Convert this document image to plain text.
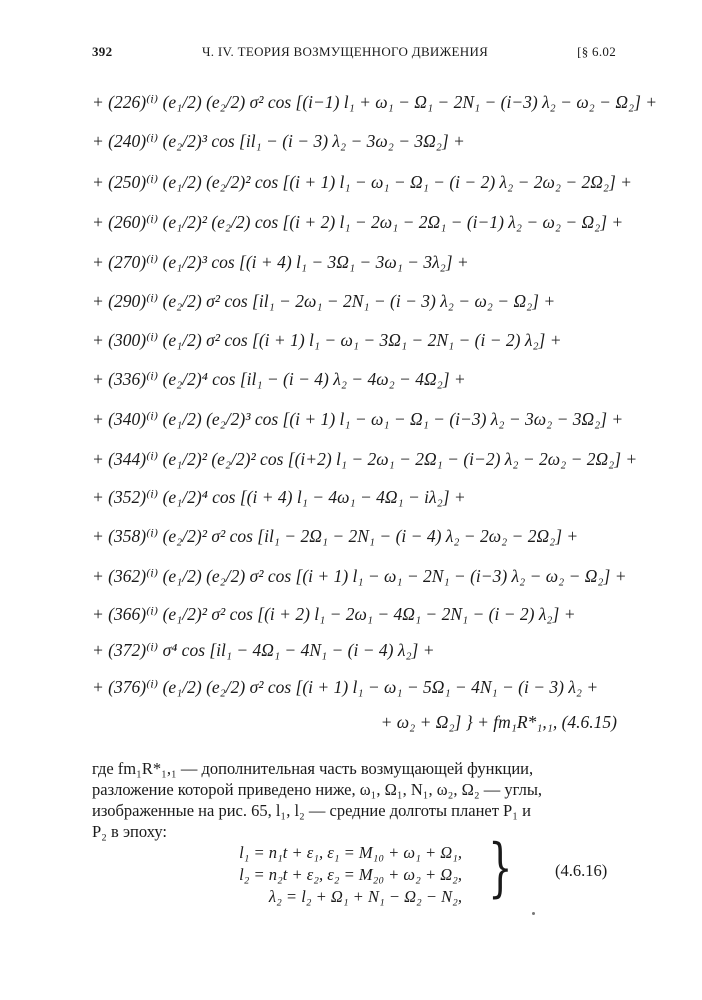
392	Ч. IV. ТЕОРИЯ ВОЗМУЩЕННОГО ДВИЖЕНИЯ	[§ 6.02
+ (226)⁽ⁱ⁾ (e₁/2) (e₂/2) σ² cos [(i−1) l₁ + ω₁ − Ω₁ − 2N₁ − (i−3) λ₂ − ω₂ − Ω₂] +
+ (240)⁽ⁱ⁾ (e₂/2)³ cos [il₁ − (i − 3) λ₂ − 3ω₂ − 3Ω₂] +
+ (250)⁽ⁱ⁾ (e₁/2) (e₂/2)² cos [(i + 1) l₁ − ω₁ − Ω₁ − (i − 2) λ₂ − 2ω₂ − 2Ω₂] +
+ (260)⁽ⁱ⁾ (e₁/2)² (e₂/2) cos [(i + 2) l₁ − 2ω₁ − 2Ω₁ − (i−1) λ₂ − ω₂ − Ω₂] +
+ (270)⁽ⁱ⁾ (e₁/2)³ cos [(i + 4) l₁ − 3Ω₁ − 3ω₁ − 3λ₂] +
+ (290)⁽ⁱ⁾ (e₂/2) σ² cos [il₁ − 2ω₁ − 2N₁ − (i − 3) λ₂ − ω₂ − Ω₂] +
+ (300)⁽ⁱ⁾ (e₁/2) σ² cos [(i + 1) l₁ − ω₁ − 3Ω₁ − 2N₁ − (i − 2) λ₂] +
+ (336)⁽ⁱ⁾ (e₂/2)⁴ cos [il₁ − (i − 4) λ₂ − 4ω₂ − 4Ω₂] +
+ (340)⁽ⁱ⁾ (e₁/2) (e₂/2)³ cos [(i + 1) l₁ − ω₁ − Ω₁ − (i−3) λ₂ − 3ω₂ − 3Ω₂] +
+ (344)⁽ⁱ⁾ (e₁/2)² (e₂/2)² cos [(i+2) l₁ − 2ω₁ − 2Ω₁ − (i−2) λ₂ − 2ω₂ − 2Ω₂] +
+ (352)⁽ⁱ⁾ (e₁/2)⁴ cos [(i + 4) l₁ − 4ω₁ − 4Ω₁ − iλ₂] +
+ (358)⁽ⁱ⁾ (e₂/2)² σ² cos [il₁ − 2Ω₁ − 2N₁ − (i − 4) λ₂ − 2ω₂ − 2Ω₂] +
+ (362)⁽ⁱ⁾ (e₁/2) (e₂/2) σ² cos [(i + 1) l₁ − ω₁ − 2N₁ − (i−3) λ₂ − ω₂ − Ω₂] +
+ (366)⁽ⁱ⁾ (e₁/2)² σ² cos [(i + 2) l₁ − 2ω₁ − 4Ω₁ − 2N₁ − (i − 2) λ₂] +
+ (372)⁽ⁱ⁾ σ⁴ cos [il₁ − 4Ω₁ − 4N₁ − (i − 4) λ₂] +
+ (376)⁽ⁱ⁾ (e₁/2) (e₂/2) σ² cos [(i + 1) l₁ − ω₁ − 5Ω₁ − 4N₁ − (i − 3) λ₂ +
+ ω₂ + Ω₂] } + fm₁R*₁,₁, (4.6.15)
где fm₁R*₁,₁ — дополнительная часть возмущающей функции,
разложение которой приведено ниже, ω₁, Ω₁, N₁, ω₂, Ω₂ — углы,
изображенные на рис. 65, l₁, l₂ — средние долготы планет P₁ и
P₂ в эпоху:
l₁ = n₁t + ε₁, ε₁ = M₁₀ + ω₁ + Ω₁,
l₂ = n₂t + ε₂, ε₂ = M₂₀ + ω₂ + Ω₂,
λ₂ = l₂ + Ω₁ + N₁ − Ω₂ − N₂, }	(4.6.16)
